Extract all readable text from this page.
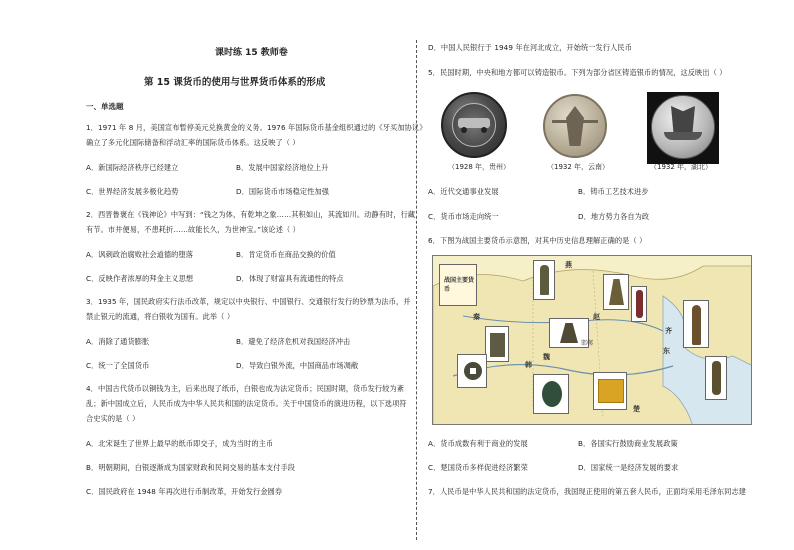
课时练 15 教师卷
第 15 课货币的使用与世界货币体系的形成
一、单选题
1．1971 年 8 月，美国宣布暂停美元兑换黄金的义务。1976 年国际货币基金组织通过的《牙买加协议》
确立了多元化国际储备和浮动汇率的国际货币体系。这反映了（ ）
A．新国际经济秩序已经建立	B．发展中国家经济地位上升
C．世界经济发展多极化趋势	D．国际货币市场稳定性加强
2．西晋鲁褒在《钱神论》中写到：“钱之为体，有乾坤之象……其积如山，其流如川。动静有时，行藏
有节。市井便易，不患耗折……故能长久，为世神宝。”该论述（ ）
A．讽刺政治腐败社会道德的堕落	B．肯定货币在商品交换的价值
C．反映作者浓厚的拜金主义思想	D．体现了财富具有流通性的特点
3．1935 年，国民政府实行法币改革，规定以中央银行、中国银行、交通银行发行的钞票为法币，并
禁止银元的流通，将白银收为国有。此举（ ）
A．消除了通货膨胀	B．避免了经济危机对我国经济冲击
C．统一了全国货币	D．导致白银外流，中国商品市场凋敝
4．中国古代货币以铜钱为主，后来出现了纸币，白银也成为法定货币；民国时期，货币发行较为紊
乱；新中国成立后，人民币成为中华人民共和国的法定货币。关于中国货币的演进历程，以下选项符
合史实的是（ ）
A．北宋诞生了世界上最早的纸币即交子，成为当时的主币
B．明朝期间，白银逐渐成为国家财政和民间交易的基本支付手段
C．国民政府在 1948 年再次进行币制改革，开始发行金圆券
D．中国人民银行于 1949 年在河北成立，开始统一发行人民币
5．民国时期，中央和地方都可以铸造银币。下列为部分省区铸造银币的情况，这反映出（ ）
（1928 年，贵州）	（1932 年，云南）	（1932 年，湖北）
A．近代交通事业发展	B．铸币工艺技术进步
C．货币市场走向统一	D．地方势力各自为政
6．下图为战国主要货币示意图，对其中历史信息理解正确的是（ ）
战国主要货币
燕
赵
魏
秦
韩
楚
齐
东
邯郸
A．货币成数有利于商业的发展	B．各国实行鼓励商业发展政策
C．楚国货币多样促进经济繁荣	D．国家统一是经济发展的要求
7．人民币是中华人民共和国的法定货币，我国现正使用的第五套人民币，正面均采用毛泽东同志建
